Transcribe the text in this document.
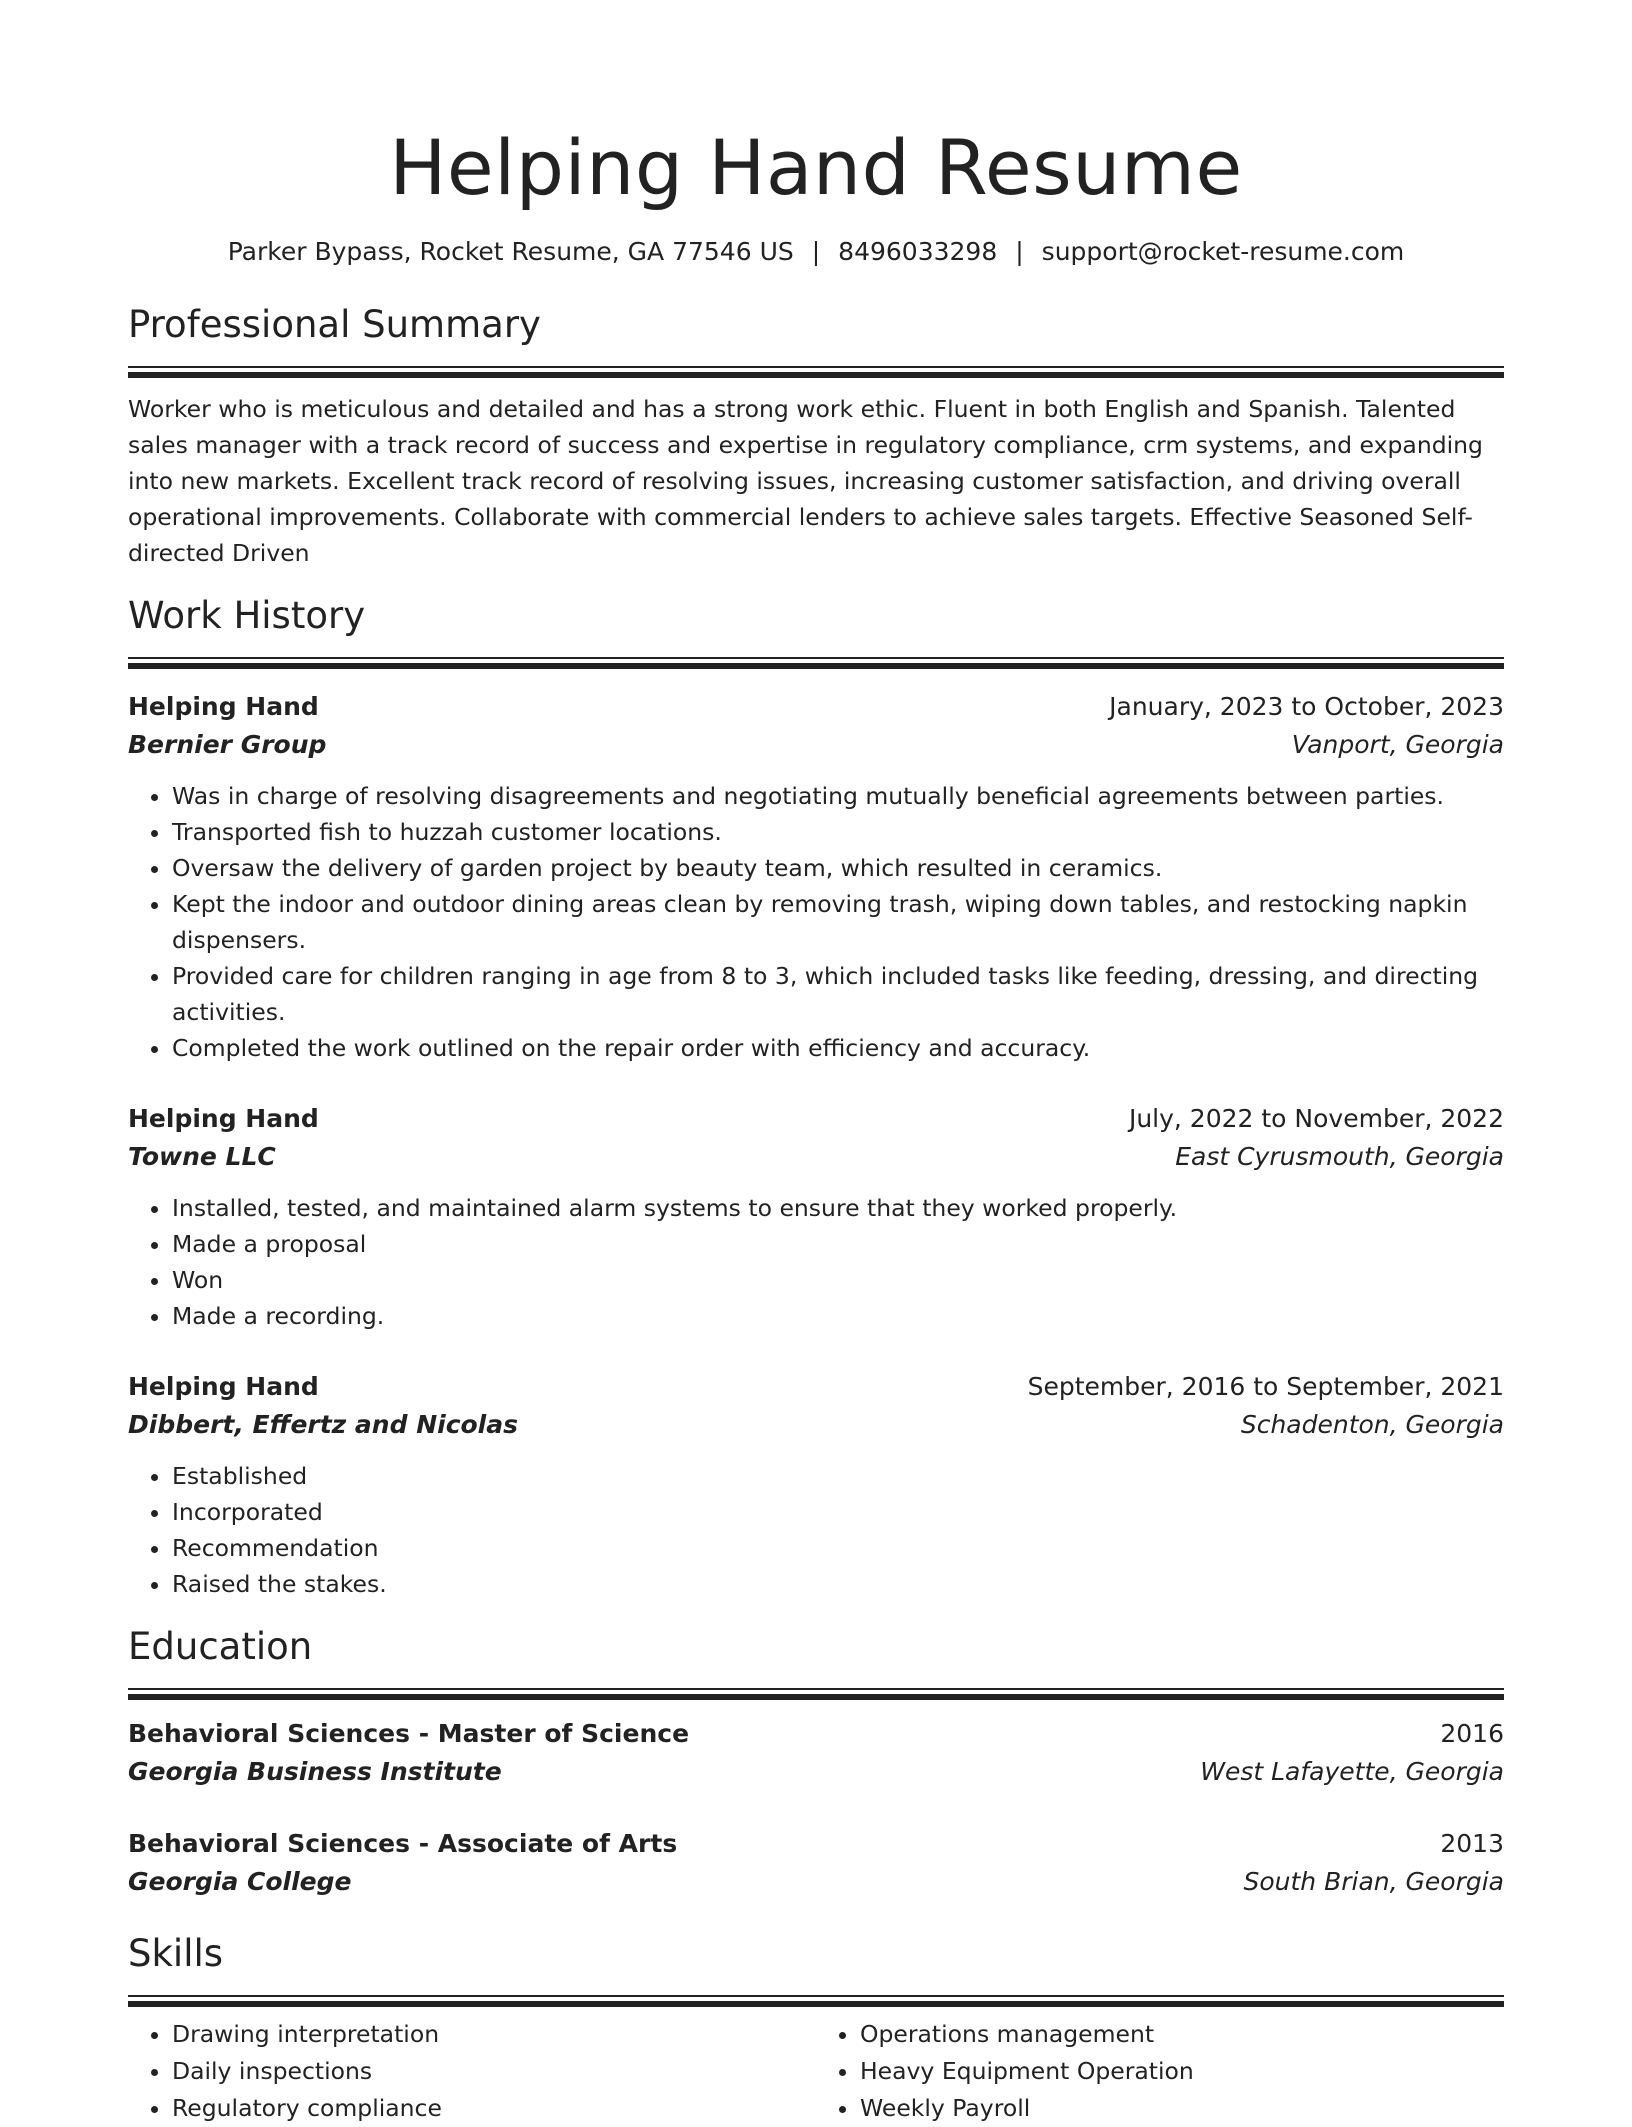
Helping Hand Resume
Parker Bypass, Rocket Resume, GA 77546 US | 8496033298 | support@rocket-resume.com
Professional Summary
Worker who is meticulous and detailed and has a strong work ethic. Fluent in both English and Spanish. Talented sales manager with a track record of success and expertise in regulatory compliance, crm systems, and expanding into new markets. Excellent track record of resolving issues, increasing customer satisfaction, and driving overall operational improvements. Collaborate with commercial lenders to achieve sales targets. Effective Seasoned Self-directed Driven
Work History
Helping Hand	January, 2023 to October, 2023
Bernier Group	Vanport, Georgia
• Was in charge of resolving disagreements and negotiating mutually beneficial agreements between parties.
• Transported fish to huzzah customer locations.
• Oversaw the delivery of garden project by beauty team, which resulted in ceramics.
• Kept the indoor and outdoor dining areas clean by removing trash, wiping down tables, and restocking napkin dispensers.
• Provided care for children ranging in age from 8 to 3, which included tasks like feeding, dressing, and directing activities.
• Completed the work outlined on the repair order with efficiency and accuracy.
Helping Hand	July, 2022 to November, 2022
Towne LLC	East Cyrusmouth, Georgia
• Installed, tested, and maintained alarm systems to ensure that they worked properly.
• Made a proposal
• Won
• Made a recording.
Helping Hand	September, 2016 to September, 2021
Dibbert, Effertz and Nicolas	Schadenton, Georgia
• Established
• Incorporated
• Recommendation
• Raised the stakes.
Education
Behavioral Sciences - Master of Science	2016
Georgia Business Institute	West Lafayette, Georgia
Behavioral Sciences - Associate of Arts	2013
Georgia College	South Brian, Georgia
Skills
• Drawing interpretation
• Daily inspections
• Regulatory compliance
• Operations management
• Heavy Equipment Operation
• Weekly Payroll
